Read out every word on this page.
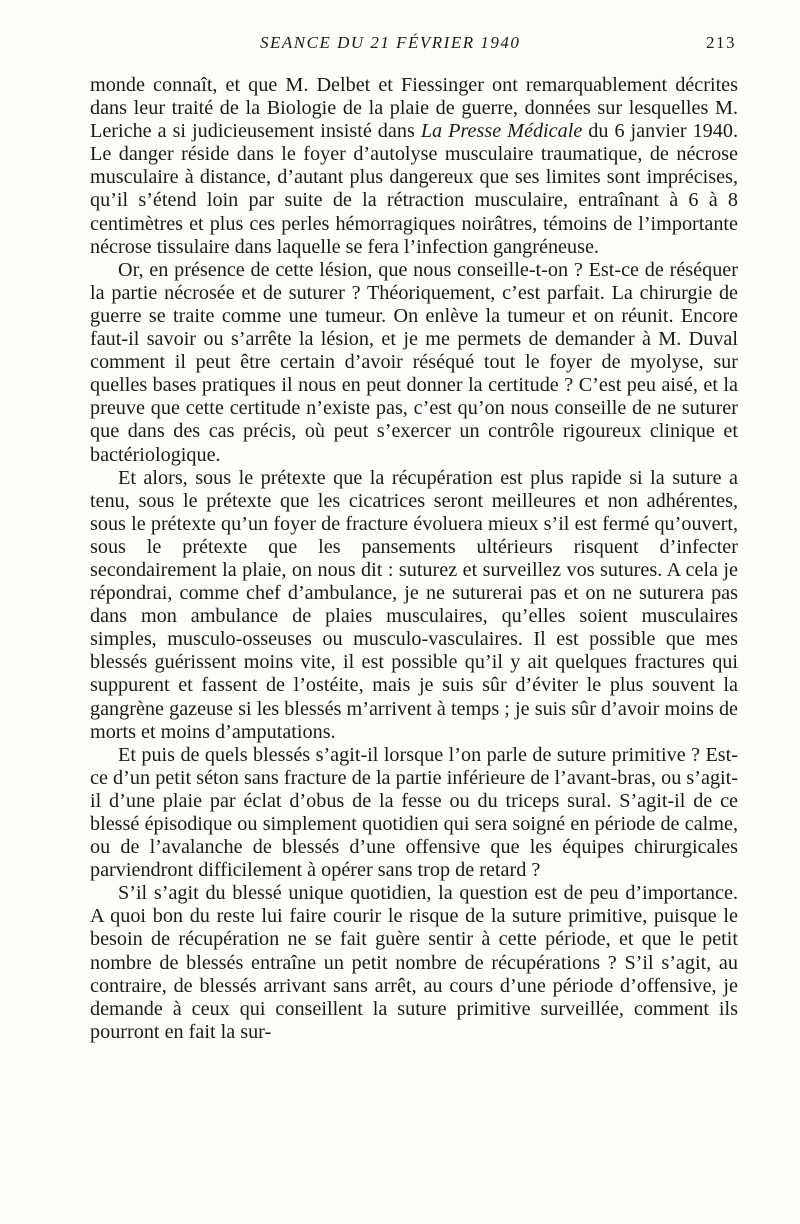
SEANCE DU 21 FÉVRIER 1940	213

monde connaît, et que M. Delbet et Fiessinger ont remarquablement décrites dans leur traité de la Biologie de la plaie de guerre, données sur lesquelles M. Leriche a si judicieusement insisté dans La Presse Médicale du 6 janvier 1940. Le danger réside dans le foyer d’autolyse musculaire traumatique, de nécrose musculaire à distance, d’autant plus dangereux que ses limites sont imprécises, qu’il s’étend loin par suite de la rétraction musculaire, entraînant à 6 à 8 centimètres et plus ces perles hémorragiques noirâtres, témoins de l’importante nécrose tissulaire dans laquelle se fera l’infection gangréneuse.

Or, en présence de cette lésion, que nous conseille-t-on ? Est-ce de réséquer la partie nécrosée et de suturer ? Théoriquement, c’est parfait. La chirurgie de guerre se traite comme une tumeur. On enlève la tumeur et on réunit. Encore faut-il savoir ou s’arrête la lésion, et je me permets de demander à M. Duval comment il peut être certain d’avoir réséqué tout le foyer de myolyse, sur quelles bases pratiques il nous en peut donner la certitude ? C’est peu aisé, et la preuve que cette certitude n’existe pas, c’est qu’on nous conseille de ne suturer que dans des cas précis, où peut s’exercer un contrôle rigoureux clinique et bactériologique.

Et alors, sous le prétexte que la récupération est plus rapide si la suture a tenu, sous le prétexte que les cicatrices seront meilleures et non adhérentes, sous le prétexte qu’un foyer de fracture évoluera mieux s’il est fermé qu’ouvert, sous le prétexte que les pansements ultérieurs risquent d’infecter secondairement la plaie, on nous dit : suturez et surveillez vos sutures. A cela je répondrai, comme chef d’ambulance, je ne suturerai pas et on ne suturera pas dans mon ambulance de plaies musculaires, qu’elles soient musculaires simples, musculo-osseuses ou musculo-vasculaires. Il est possible que mes blessés guérissent moins vite, il est possible qu’il y ait quelques fractures qui suppurent et fassent de l’ostéite, mais je suis sûr d’éviter le plus souvent la gangrène gazeuse si les blessés m’arrivent à temps ; je suis sûr d’avoir moins de morts et moins d’amputations.

Et puis de quels blessés s’agit-il lorsque l’on parle de suture primitive ? Est-ce d’un petit séton sans fracture de la partie inférieure de l’avant-bras, ou s’agit-il d’une plaie par éclat d’obus de la fesse ou du triceps sural. S’agit-il de ce blessé épisodique ou simplement quotidien qui sera soigné en période de calme, ou de l’avalanche de blessés d’une offensive que les équipes chirurgicales parviendront difficilement à opérer sans trop de retard ?

S’il s’agit du blessé unique quotidien, la question est de peu d’importance. A quoi bon du reste lui faire courir le risque de la suture primitive, puisque le besoin de récupération ne se fait guère sentir à cette période, et que le petit nombre de blessés entraîne un petit nombre de récupérations ? S’il s’agit, au contraire, de blessés arrivant sans arrêt, au cours d’une période d’offensive, je demande à ceux qui conseillent la suture primitive surveillée, comment ils pourront en fait la sur-
